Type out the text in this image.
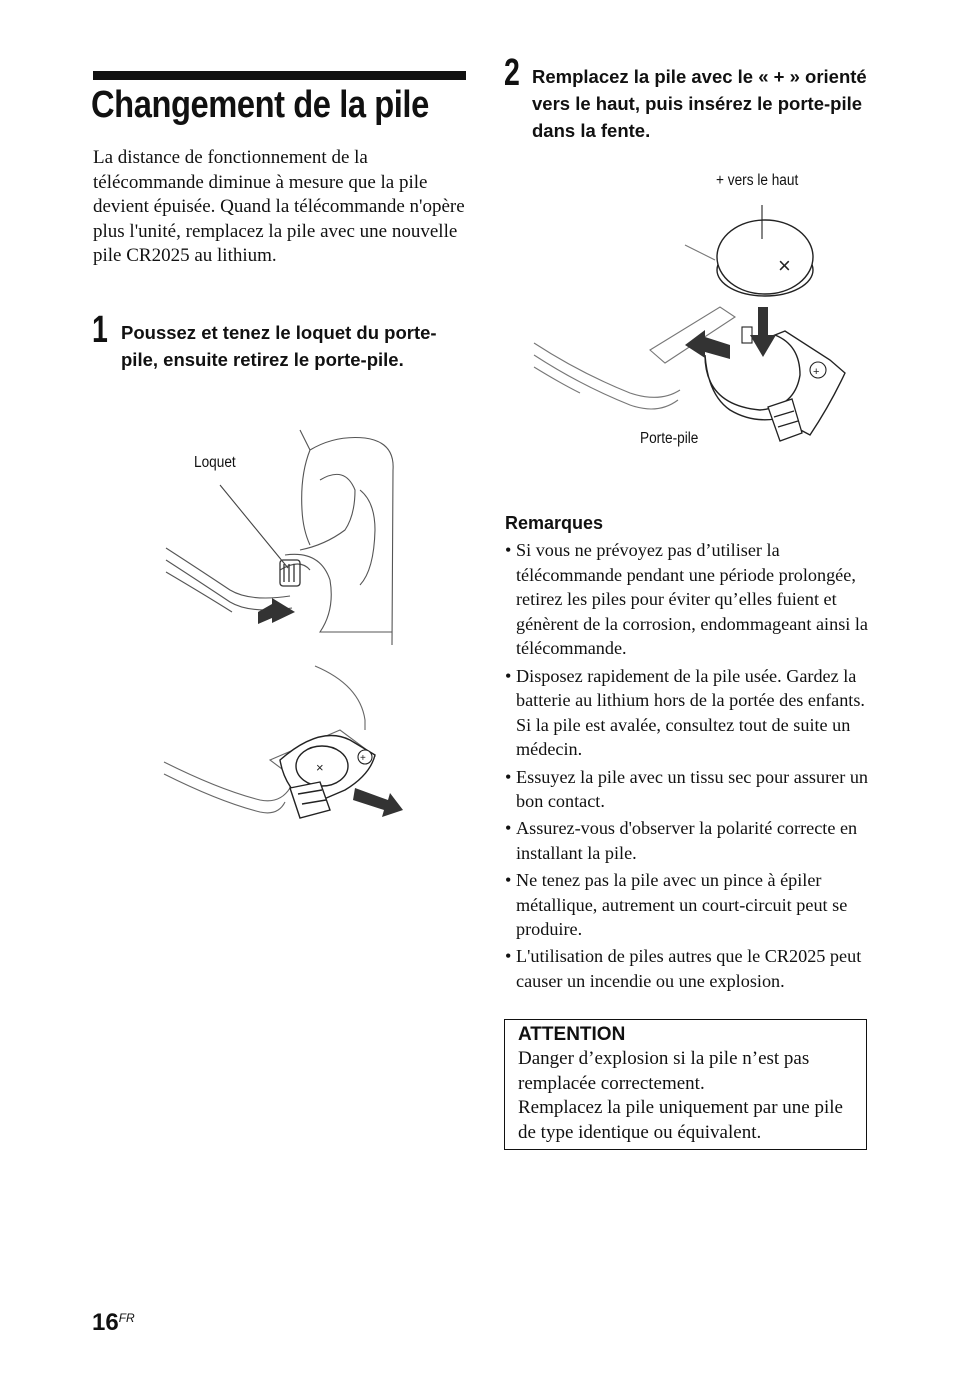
Changement de la pile
La distance de fonctionnement de la télécommande diminue à mesure que la pile devient épuisée. Quand la télécommande n'opère plus l'unité, remplacez la pile avec une nouvelle pile CR2025 au lithium.
1 Poussez et tenez le loquet du porte-pile, ensuite retirez le porte-pile.
2 Remplacez la pile avec le « + » orienté vers le haut, puis insérez le porte-pile dans la fente.
×
+
×
+
Loquet
+ vers le haut
Porte-pile
Remarques
• Si vous ne prévoyez pas d’utiliser la télécommande pendant une période prolongée, retirez les piles pour éviter qu’elles fuient et génèrent de la corrosion, endommageant ainsi la télécommande.
• Disposez rapidement de la pile usée. Gardez la batterie au lithium hors de la portée des enfants. Si la pile est avalée, consultez tout de suite un médecin.
• Essuyez la pile avec un tissu sec pour assurer un bon contact.
• Assurez-vous d'observer la polarité correcte en installant la pile.
• Ne tenez pas la pile avec un pince à épiler métallique, autrement un court-circuit peut se produire.
• L'utilisation de piles autres que le CR2025 peut causer un incendie ou une explosion.
ATTENTION
Danger d’explosion si la pile n’est pas remplacée correctement.
Remplacez la pile uniquement par une pile de type identique ou équivalent.
$16^{FR}$
